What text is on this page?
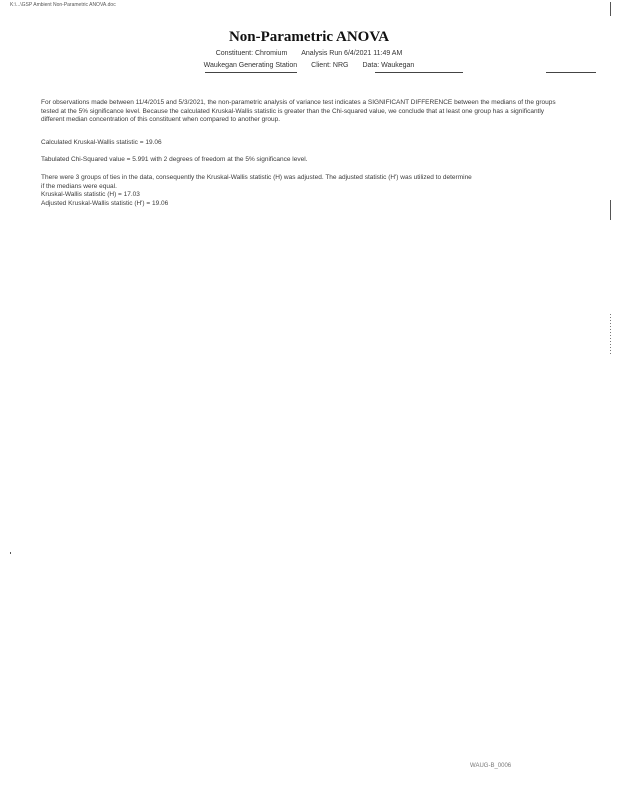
K:\...\GSP Ambient Non-Parametric ANOVA.doc
Non-Parametric ANOVA
Constituent: Chromium Analysis Run 6/4/2021 11:49 AM
Waukegan Generating Station Client: NRG Data: Waukegan

For observations made between 11/4/2015 and 5/3/2021, the non-parametric analysis of variance test indicates a SIGNIFICANT DIFFERENCE between the medians of the groups tested at the 5% significance level. Because the calculated Kruskal-Wallis statistic is greater than the Chi-squared value, we conclude that at least one group has a significantly different median concentration of this constituent when compared to another group.

Calculated Kruskal-Wallis statistic = 19.06

Tabulated Chi-Squared value = 5.991 with 2 degrees of freedom at the 5% significance level.

There were 3 groups of ties in the data, consequently the Kruskal-Wallis statistic (H) was adjusted. The adjusted statistic (H') was utilized to determine

if the medians were equal.

Kruskal-Wallis statistic (H) = 17.03

Adjusted Kruskal-Wallis statistic (H') = 19.06

WAUG-B_0006
